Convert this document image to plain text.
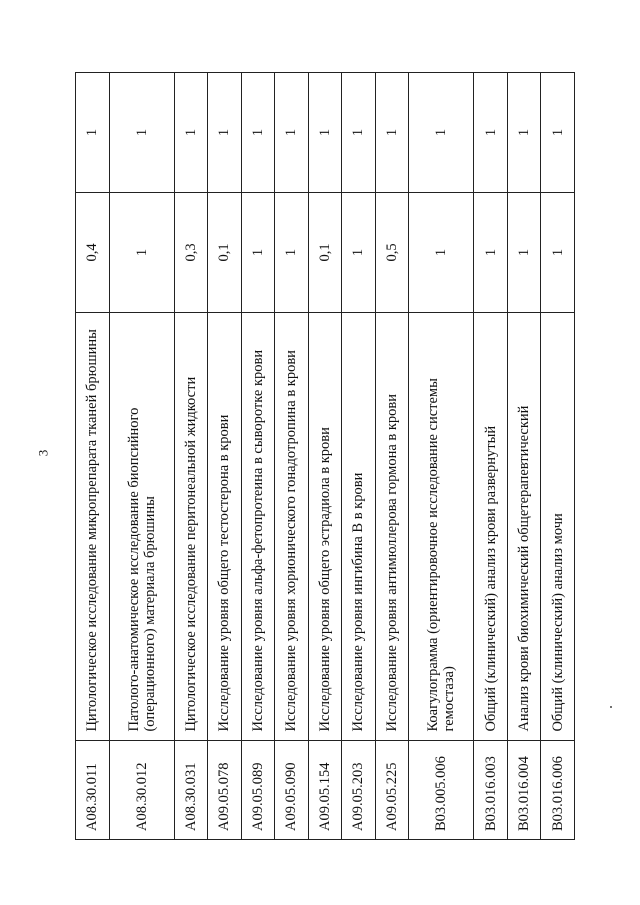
3
A08.30.011	Цитологическое исследование микропрепарата тканей брюшины	0,4	1
A08.30.012	Патолого-анатомическое исследование биопсийного (операционного) материала брюшины	1	1
A08.30.031	Цитологическое исследование перитонеальной жидкости	0,3	1
A09.05.078	Исследование уровня общего тестостерона в крови	0,1	1
A09.05.089	Исследование уровня альфа-фетопротеина в сыворотке крови	1	1
A09.05.090	Исследование уровня хорионического гонадотропина в крови	1	1
A09.05.154	Исследование уровня общего эстрадиола в крови	0,1	1
A09.05.203	Исследование уровня ингибина B в крови	1	1
A09.05.225	Исследование уровня антимюллерова гормона в крови	0,5	1
B03.005.006	Коагулограмма (ориентировочное исследование системы гемостаза)	1	1
B03.016.003	Общий (клинический) анализ крови развернутый	1	1
B03.016.004	Анализ крови биохимический общетерапевтический	1	1
B03.016.006	Общий (клинический) анализ мочи	1	1
